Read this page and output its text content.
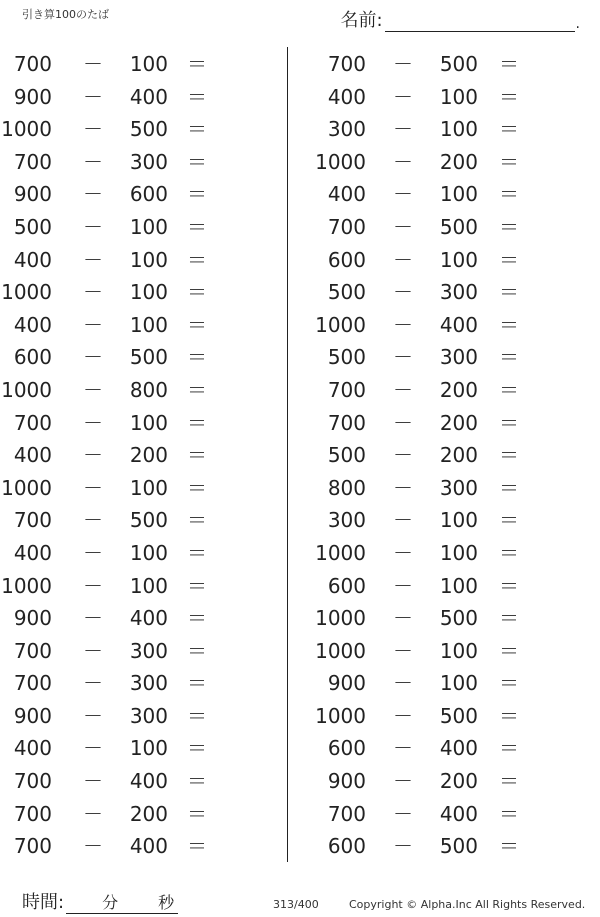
引き算100のたば	名前:	.
700 －	100 ＝
900 －	400 ＝
1000 －	500 ＝
700 －	300 ＝
900 －	600 ＝
500 －	100 ＝
400 －	100 ＝
1000 －	100 ＝
400 －	100 ＝
600 －	500 ＝
1000 －	800 ＝
700 －	100 ＝
400 －	200 ＝
1000 －	100 ＝
700 －	500 ＝
400 －	100 ＝
1000 －	100 ＝
900 －	400 ＝
700 －	300 ＝
700 －	300 ＝
900 －	300 ＝
400 －	100 ＝
700 －	400 ＝
700 －	200 ＝
700 －	400 ＝
700 －	500 ＝
400 －	100 ＝
300 －	100 ＝
1000 －	200 ＝
400 －	100 ＝
700 －	500 ＝
600 －	100 ＝
500 －	300 ＝
1000 －	400 ＝
500 －	300 ＝
700 －	200 ＝
700 －	200 ＝
500 －	200 ＝
800 －	300 ＝
300 －	100 ＝
1000 －	100 ＝
600 －	100 ＝
1000 －	500 ＝
1000 －	100 ＝
900 －	100 ＝
1000 －	500 ＝
600 －	400 ＝
900 －	200 ＝
700 －	400 ＝
600 －	500 ＝
時間: 分 秒	313/400	Copyright © Alpha.Inc All Rights Reserved.
